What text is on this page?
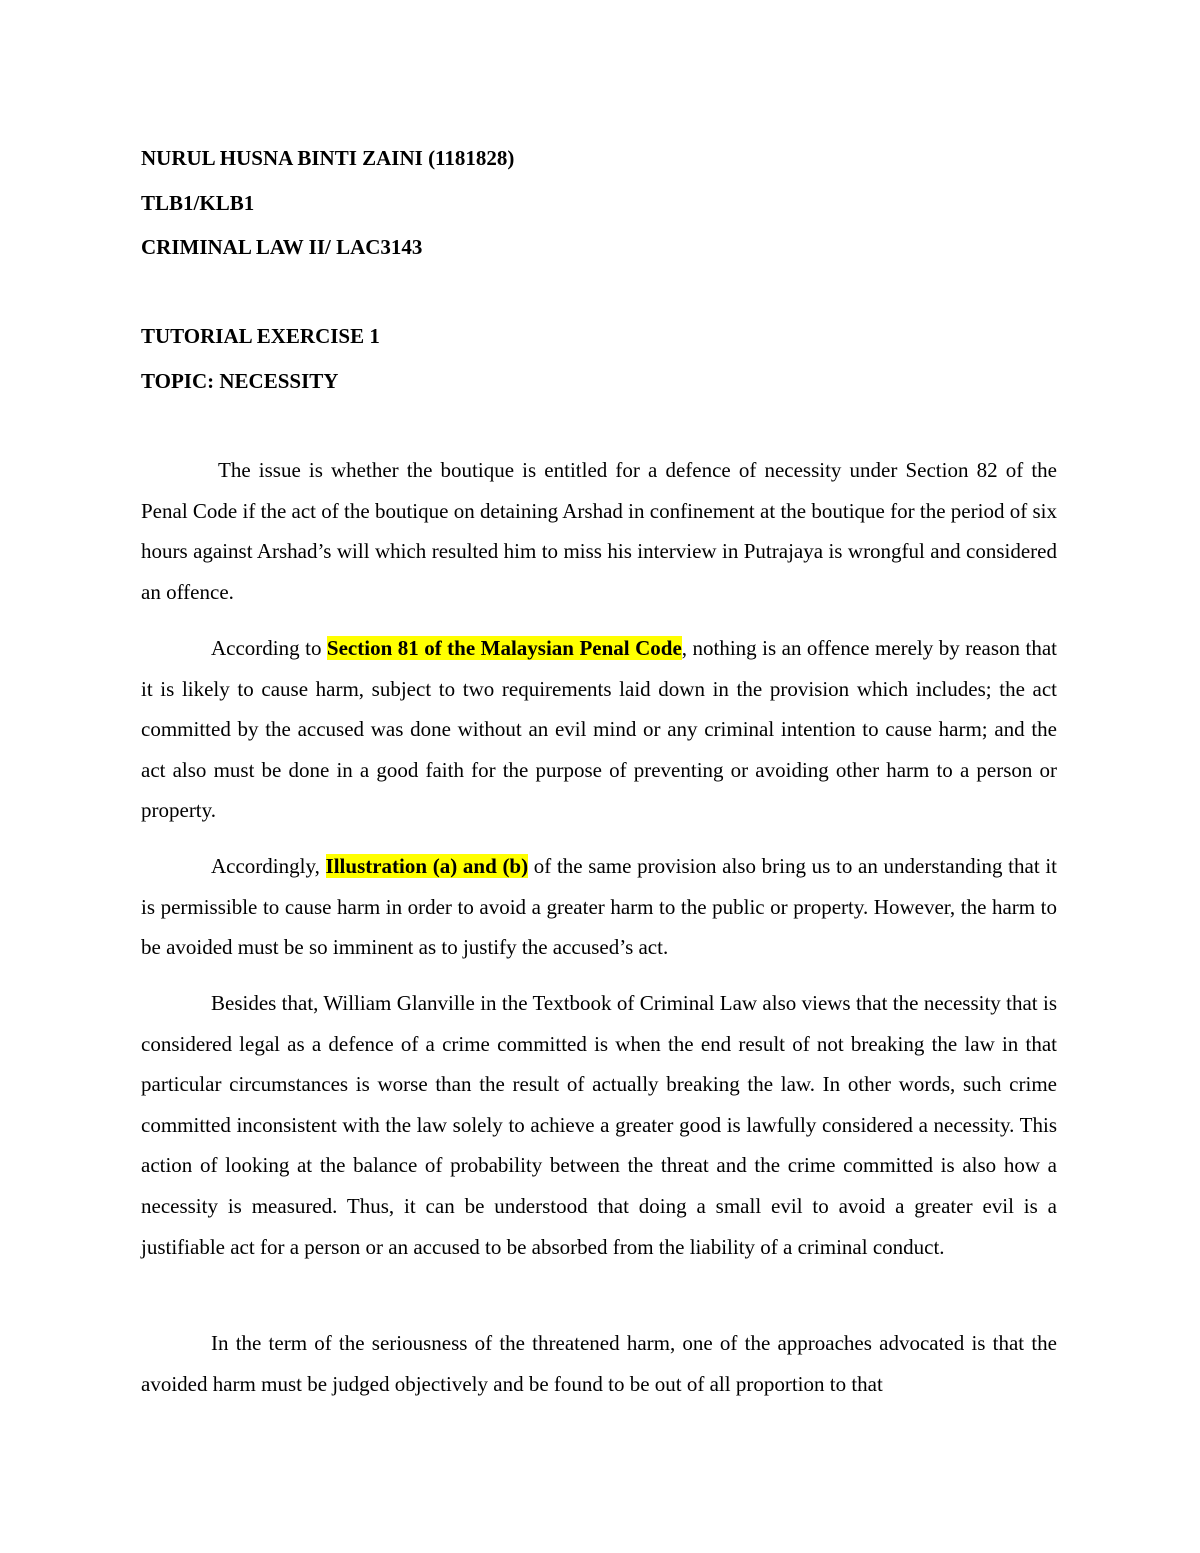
NURUL HUSNA BINTI ZAINI (1181828)
TLB1/KLB1
CRIMINAL LAW II/ LAC3143
TUTORIAL EXERCISE 1
TOPIC: NECESSITY

The issue is whether the boutique is entitled for a defence of necessity under Section 82 of the Penal Code if the act of the boutique on detaining Arshad in confinement at the boutique for the period of six hours against Arshad’s will which resulted him to miss his interview in Putrajaya is wrongful and considered an offence.

According to Section 81 of the Malaysian Penal Code, nothing is an offence merely by reason that it is likely to cause harm, subject to two requirements laid down in the provision which includes; the act committed by the accused was done without an evil mind or any criminal intention to cause harm; and the act also must be done in a good faith for the purpose of preventing or avoiding other harm to a person or property.

Accordingly, Illustration (a) and (b) of the same provision also bring us to an understanding that it is permissible to cause harm in order to avoid a greater harm to the public or property. However, the harm to be avoided must be so imminent as to justify the accused’s act.

Besides that, William Glanville in the Textbook of Criminal Law also views that the necessity that is considered legal as a defence of a crime committed is when the end result of not breaking the law in that particular circumstances is worse than the result of actually breaking the law. In other words, such crime committed inconsistent with the law solely to achieve a greater good is lawfully considered a necessity. This action of looking at the balance of probability between the threat and the crime committed is also how a necessity is measured. Thus, it can be understood that doing a small evil to avoid a greater evil is a justifiable act for a person or an accused to be absorbed from the liability of a criminal conduct.

In the term of the seriousness of the threatened harm, one of the approaches advocated is that the avoided harm must be judged objectively and be found to be out of all proportion to that
